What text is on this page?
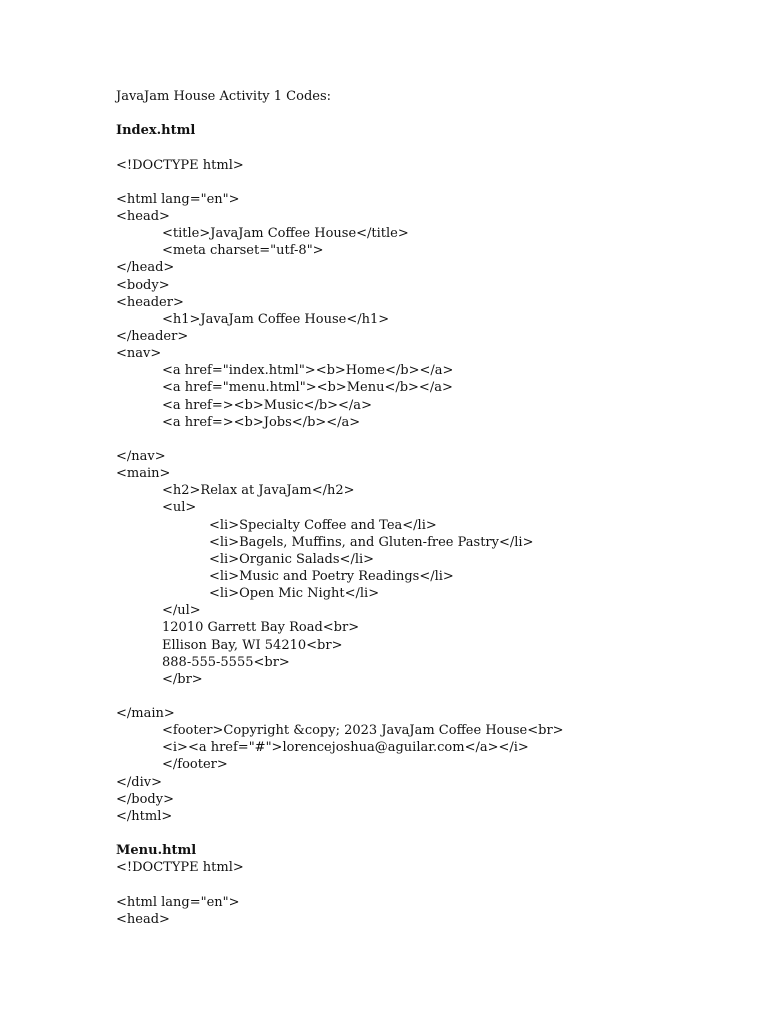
JavaJam House Activity 1 Codes:
Index.html
<!DOCTYPE html>
<html lang="en">
<head>
<title>JavaJam Coffee House</title>
<meta charset="utf-8">
</head>
<body>
<header>
<h1>JavaJam Coffee House</h1>
</header>
<nav>
<a href="index.html"><b>Home</b></a>
<a href="menu.html"><b>Menu</b></a>
<a href=><b>Music</b></a>
<a href=><b>Jobs</b></a>
</nav>
<main>
<h2>Relax at JavaJam</h2>
<ul>
<li>Specialty Coffee and Tea</li>
<li>Bagels, Muffins, and Gluten-free Pastry</li>
<li>Organic Salads</li>
<li>Music and Poetry Readings</li>
<li>Open Mic Night</li>
</ul>
12010 Garrett Bay Road<br>
Ellison Bay, WI 54210<br>
888-555-5555<br>
</br>
</main>
<footer>Copyright &copy; 2023 JavaJam Coffee House<br>
<i><a href="#">lorencejoshua@aguilar.com</a></i>
</footer>
</div>
</body>
</html>
Menu.html
<!DOCTYPE html>
<html lang="en">
<head>
